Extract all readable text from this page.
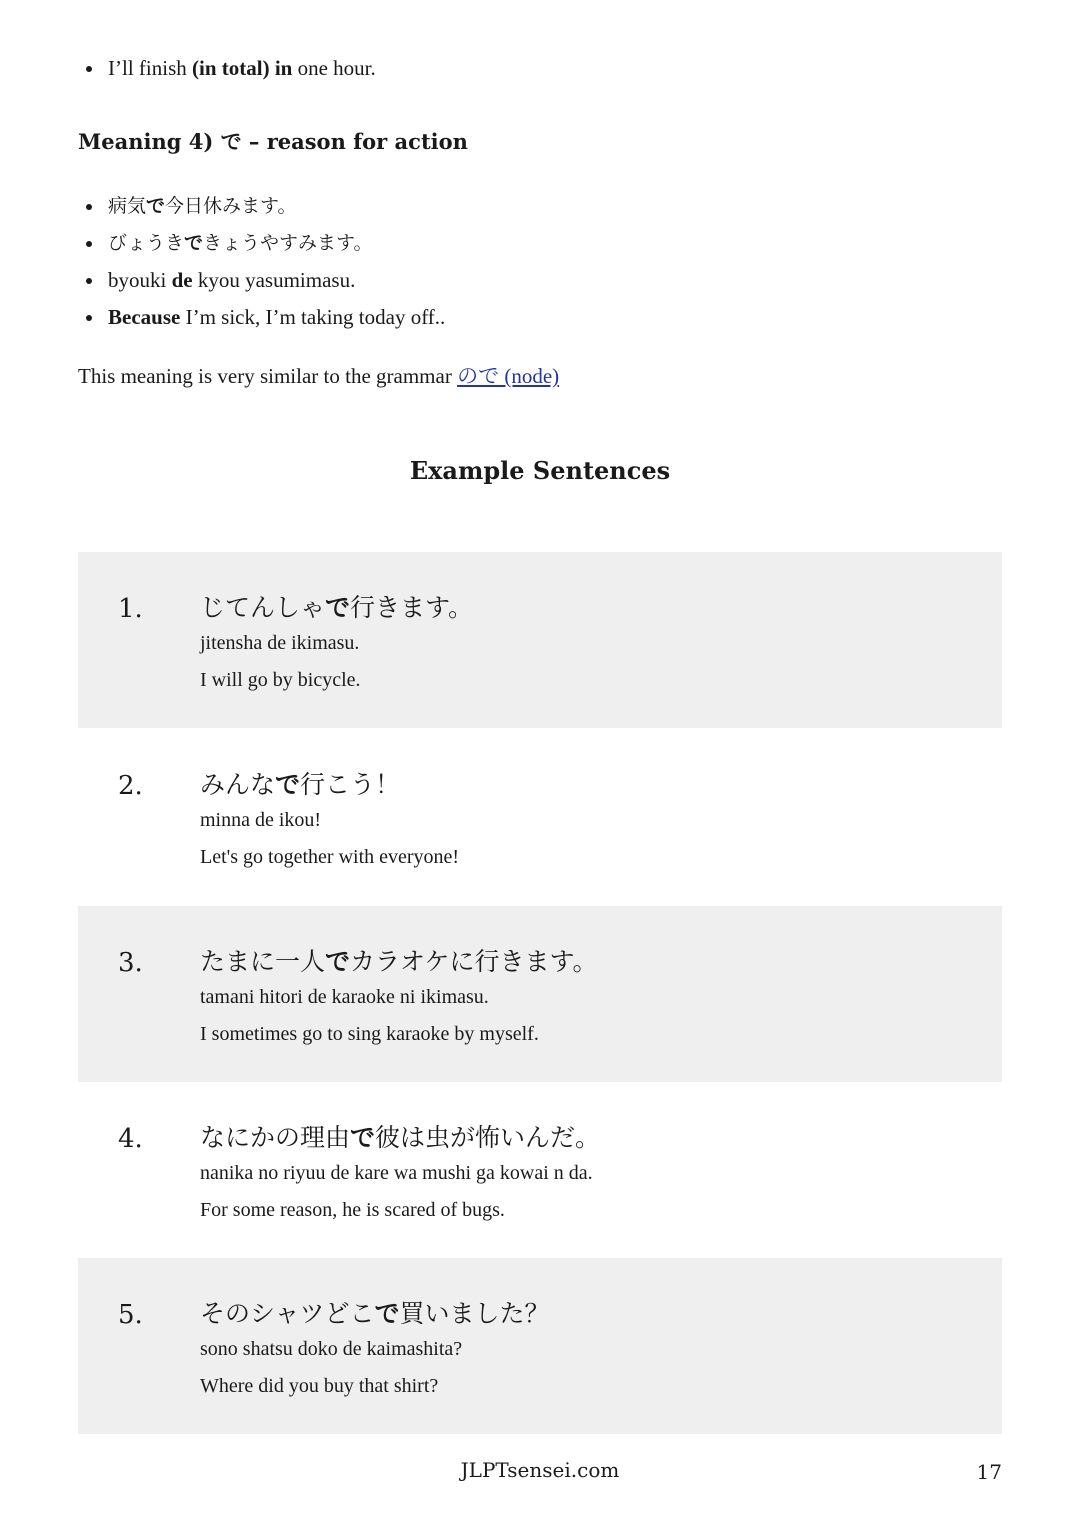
I’ll finish (in total) in one hour.
Meaning 4) で – reason for action
病気で今日休みます。
びょうきできょうやすみます。
byouki de kyou yasumimasu.
Because I’m sick, I’m taking today off..
This meaning is very similar to the grammar ので (node)
Example Sentences
1. じてんしゃで行きます。
jitensha de ikimasu.
I will go by bicycle.
2. みんなで行こう！
minna de ikou!
Let's go together with everyone!
3. たまに一人でカラオケに行きます。
tamani hitori de karaoke ni ikimasu.
I sometimes go to sing karaoke by myself.
4. なにかの理由で彼は虫が怖いんだ。
nanika no riyuu de kare wa mushi ga kowai n da.
For some reason, he is scared of bugs.
5. そのシャツどこで買いました？
sono shatsu doko de kaimashita?
Where did you buy that shirt?
JLPTsensei.com	17
